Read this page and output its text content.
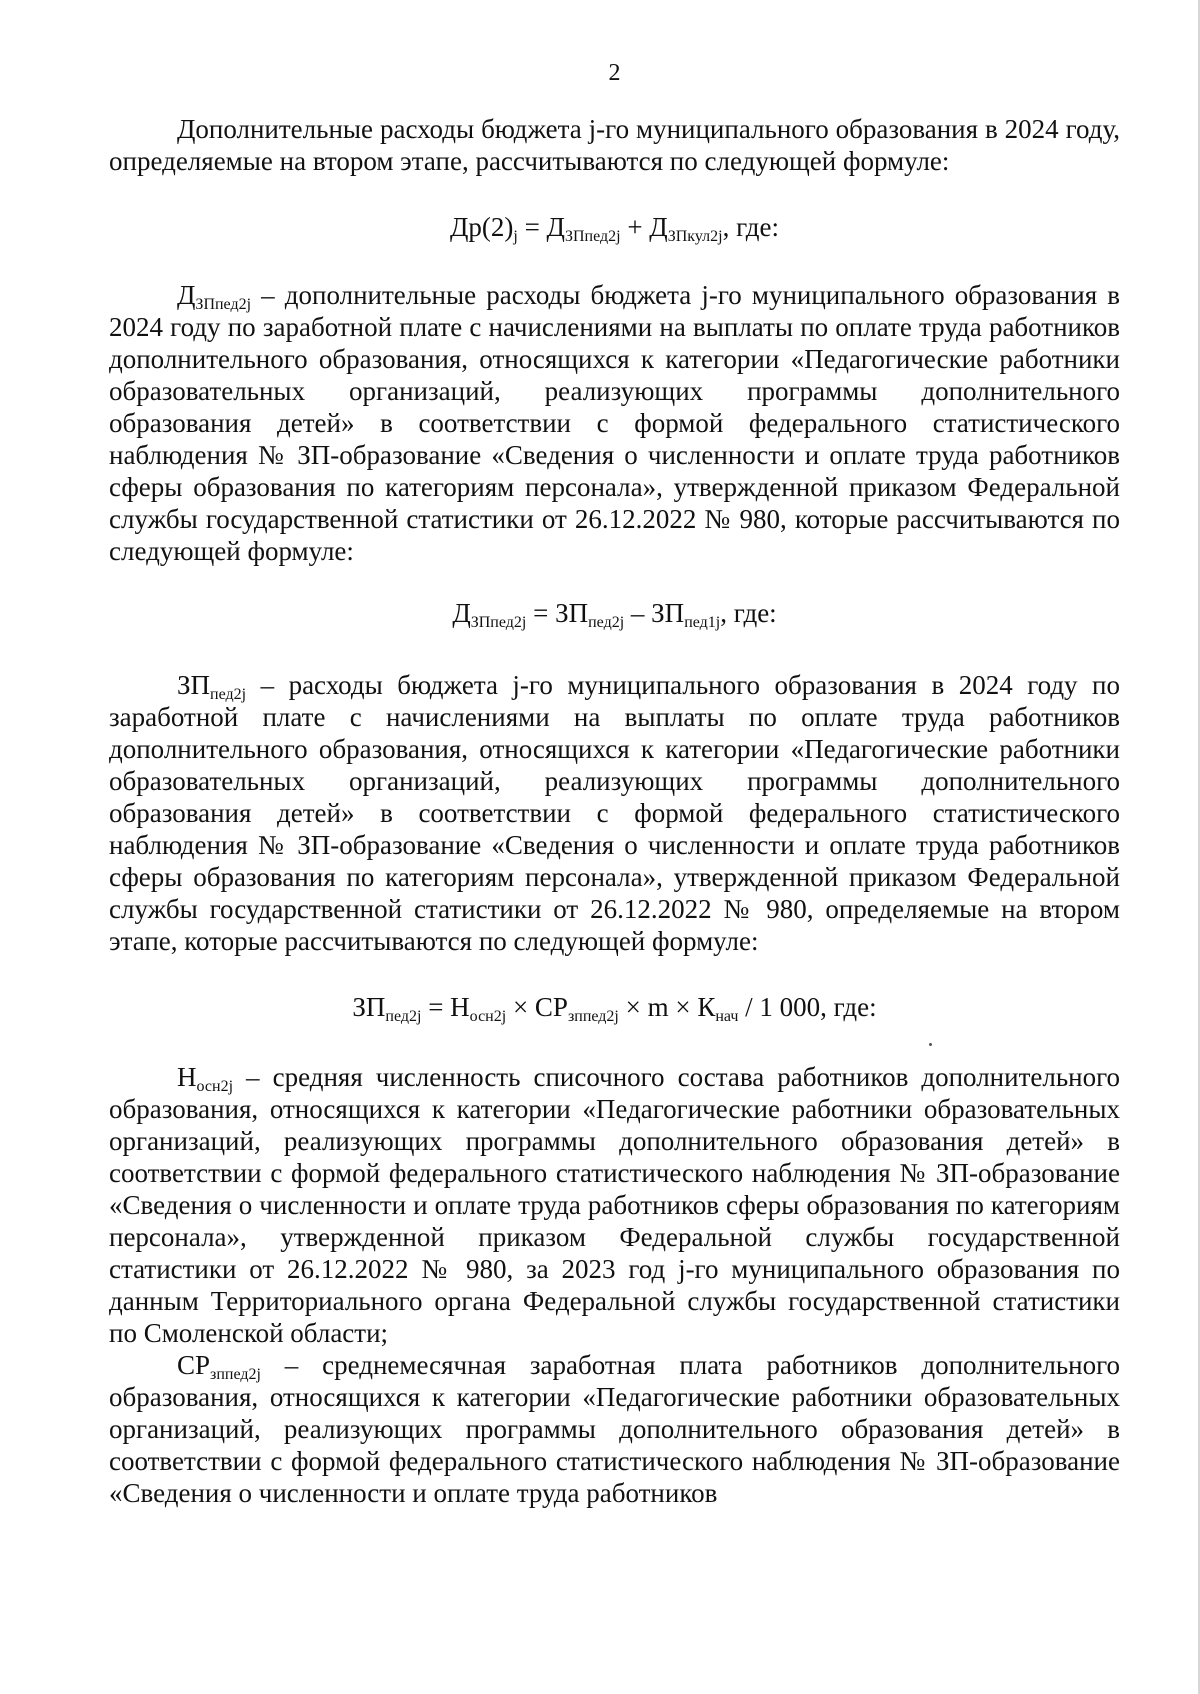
2

Дополнительные расходы бюджета j-го муниципального образования в 2024 году, определяемые на втором этапе, рассчитываются по следующей формуле:

$Др(2)_j = Д_{ЗПпед2j} + Д_{ЗПкул2j}$, где:

$Д_{ЗПпед2j}$ – дополнительные расходы бюджета j-го муниципального образования в 2024 году по заработной плате с начислениями на выплаты по оплате труда работников дополнительного образования, относящихся к категории «Педагогические работники образовательных организаций, реализующих программы дополнительного образования детей» в соответствии с формой федерального статистического наблюдения № ЗП-образование «Сведения о численности и оплате труда работников сферы образования по категориям персонала», утвержденной приказом Федеральной службы государственной статистики от 26.12.2022 № 980, которые рассчитываются по следующей формуле:

$Д_{ЗПпед2j} = ЗП_{пед2j} - ЗП_{пед1j}$, где:

$ЗП_{пед2j}$ – расходы бюджета j-го муниципального образования в 2024 году по заработной плате с начислениями на выплаты по оплате труда работников дополнительного образования, относящихся к категории «Педагогические работники образовательных организаций, реализующих программы дополнительного образования детей» в соответствии с формой федерального статистического наблюдения № ЗП-образование «Сведения о численности и оплате труда работников сферы образования по категориям персонала», утвержденной приказом Федеральной службы государственной статистики от 26.12.2022 № 980, определяемые на втором этапе, которые рассчитываются по следующей формуле:

$ЗП_{пед2j} = Н_{осн2j} \times СР_{зппед2j} \times m \times К_{нач} / 1$ 000, где:

$Н_{осн2j}$ – средняя численность списочного состава работников дополнительного образования, относящихся к категории «Педагогические работники образовательных организаций, реализующих программы дополнительного образования детей» в соответствии с формой федерального статистического наблюдения № ЗП-образование «Сведения о численности и оплате труда работников сферы образования по категориям персонала», утвержденной приказом Федеральной службы государственной статистики от 26.12.2022 № 980, за 2023 год j-го муниципального образования по данным Территориального органа Федеральной службы государственной статистики по Смоленской области;

$СР_{зппед2j}$ – среднемесячная заработная плата работников дополнительного образования, относящихся к категории «Педагогические работники образовательных организаций, реализующих программы дополнительного образования детей» в соответствии с формой федерального статистического наблюдения № ЗП-образование «Сведения о численности и оплате труда работников
